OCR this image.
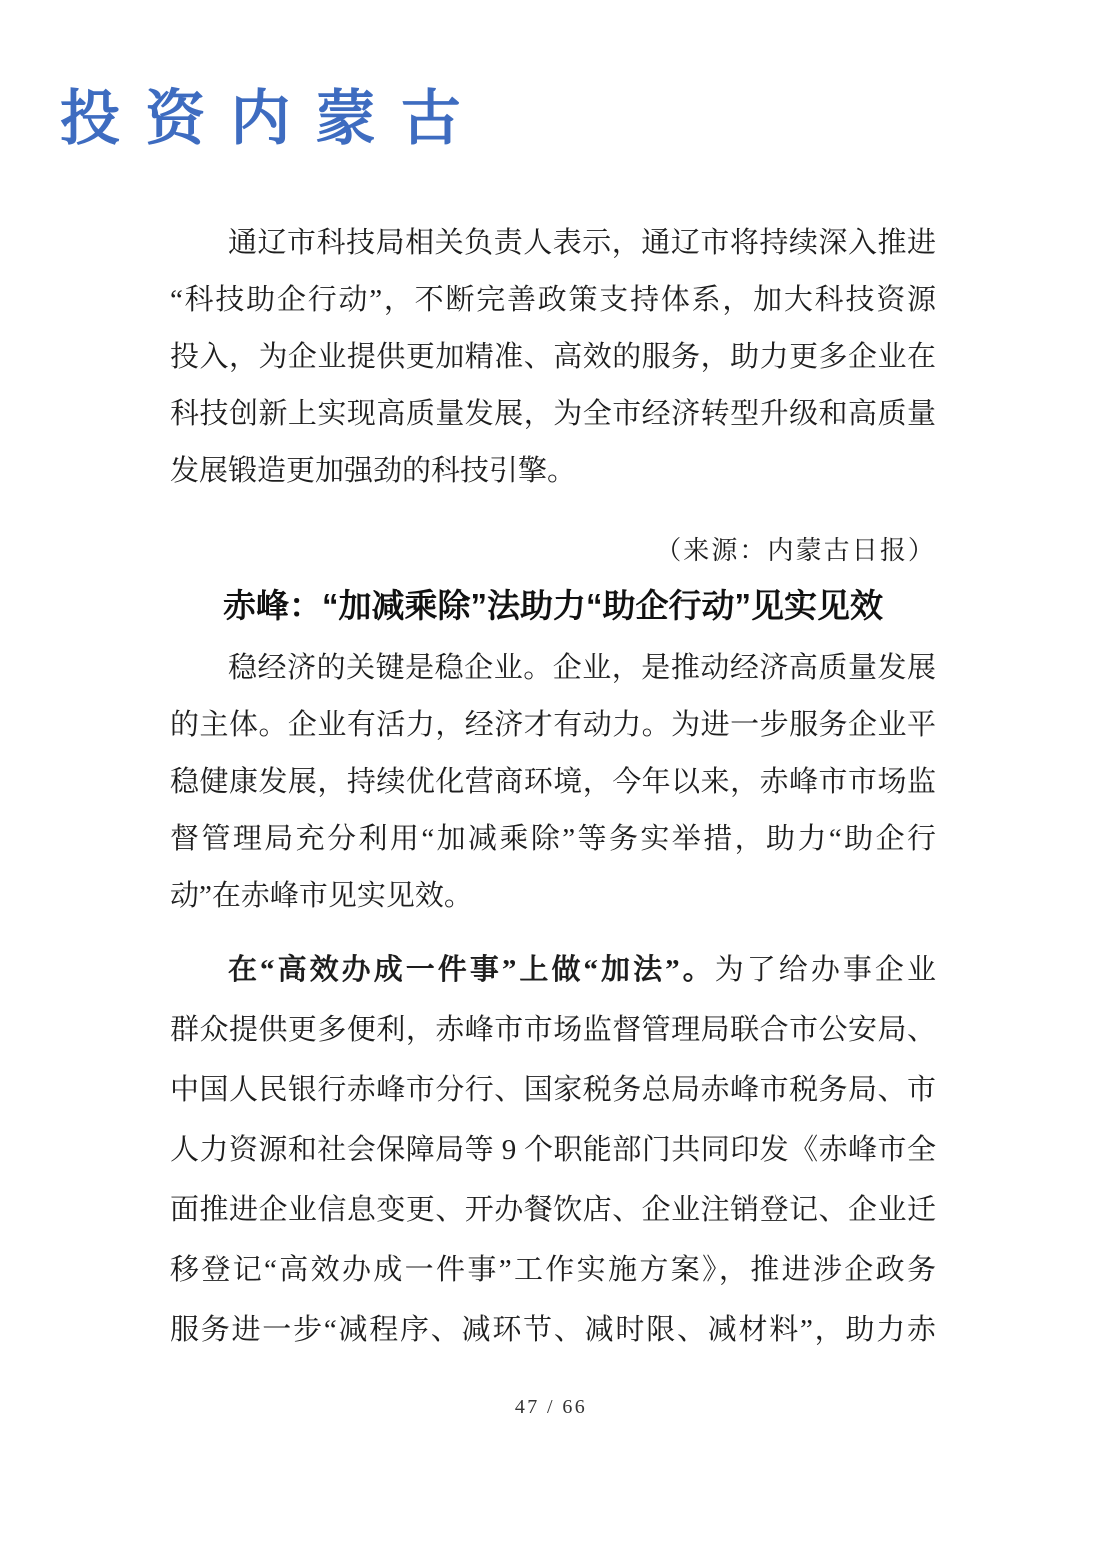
投资内蒙古
通辽市科技局相关负责人表示，通辽市将持续深入推进
“科技助企行动”，不断完善政策支持体系，加大科技资源
投入，为企业提供更加精准、高效的服务，助力更多企业在
科技创新上实现高质量发展，为全市经济转型升级和高质量
发展锻造更加强劲的科技引擎。
（来源：内蒙古日报）
赤峰：“加减乘除”法助力“助企行动”见实见效
稳经济的关键是稳企业。企业，是推动经济高质量发展
的主体。企业有活力，经济才有动力。为进一步服务企业平
稳健康发展，持续优化营商环境，今年以来，赤峰市市场监
督管理局充分利用“加减乘除”等务实举措，助力“助企行
动”在赤峰市见实见效。
在“高效办成一件事”上做“加法”。为了给办事企业
群众提供更多便利，赤峰市市场监督管理局联合市公安局、
中国人民银行赤峰市分行、国家税务总局赤峰市税务局、市
人力资源和社会保障局等 9 个职能部门共同印发《赤峰市全
面推进企业信息变更、开办餐饮店、企业注销登记、企业迁
移登记“高效办成一件事”工作实施方案》，推进涉企政务
服务进一步“减程序、减环节、减时限、减材料”，助力赤
47 / 66
